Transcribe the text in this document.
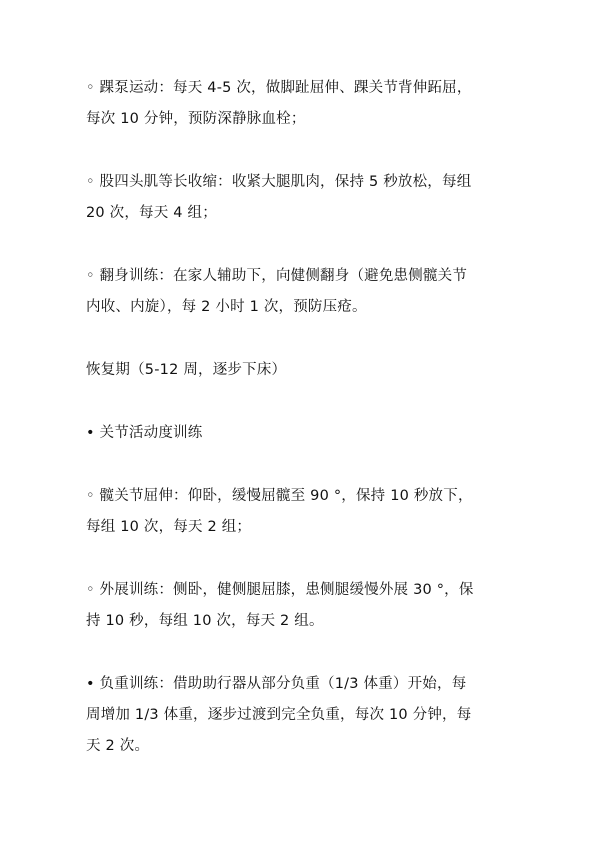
◦ 踝泵运动：每天 4-5 次，做脚趾屈伸、踝关节背伸跖屈，
每次 10 分钟，预防深静脉血栓；
◦ 股四头肌等长收缩：收紧大腿肌肉，保持 5 秒放松，每组
20 次，每天 4 组；
◦ 翻身训练：在家人辅助下，向健侧翻身（避免患侧髋关节
内收、内旋），每 2 小时 1 次，预防压疮。
恢复期（5-12 周，逐步下床）
• 关节活动度训练
◦ 髋关节屈伸：仰卧，缓慢屈髋至 90 °，保持 10 秒放下，
每组 10 次，每天 2 组；
◦ 外展训练：侧卧，健侧腿屈膝，患侧腿缓慢外展 30 °，保
持 10 秒，每组 10 次，每天 2 组。
• 负重训练：借助助行器从部分负重（1/3 体重）开始，每
周增加 1/3 体重，逐步过渡到完全负重，每次 10 分钟，每
天 2 次。
